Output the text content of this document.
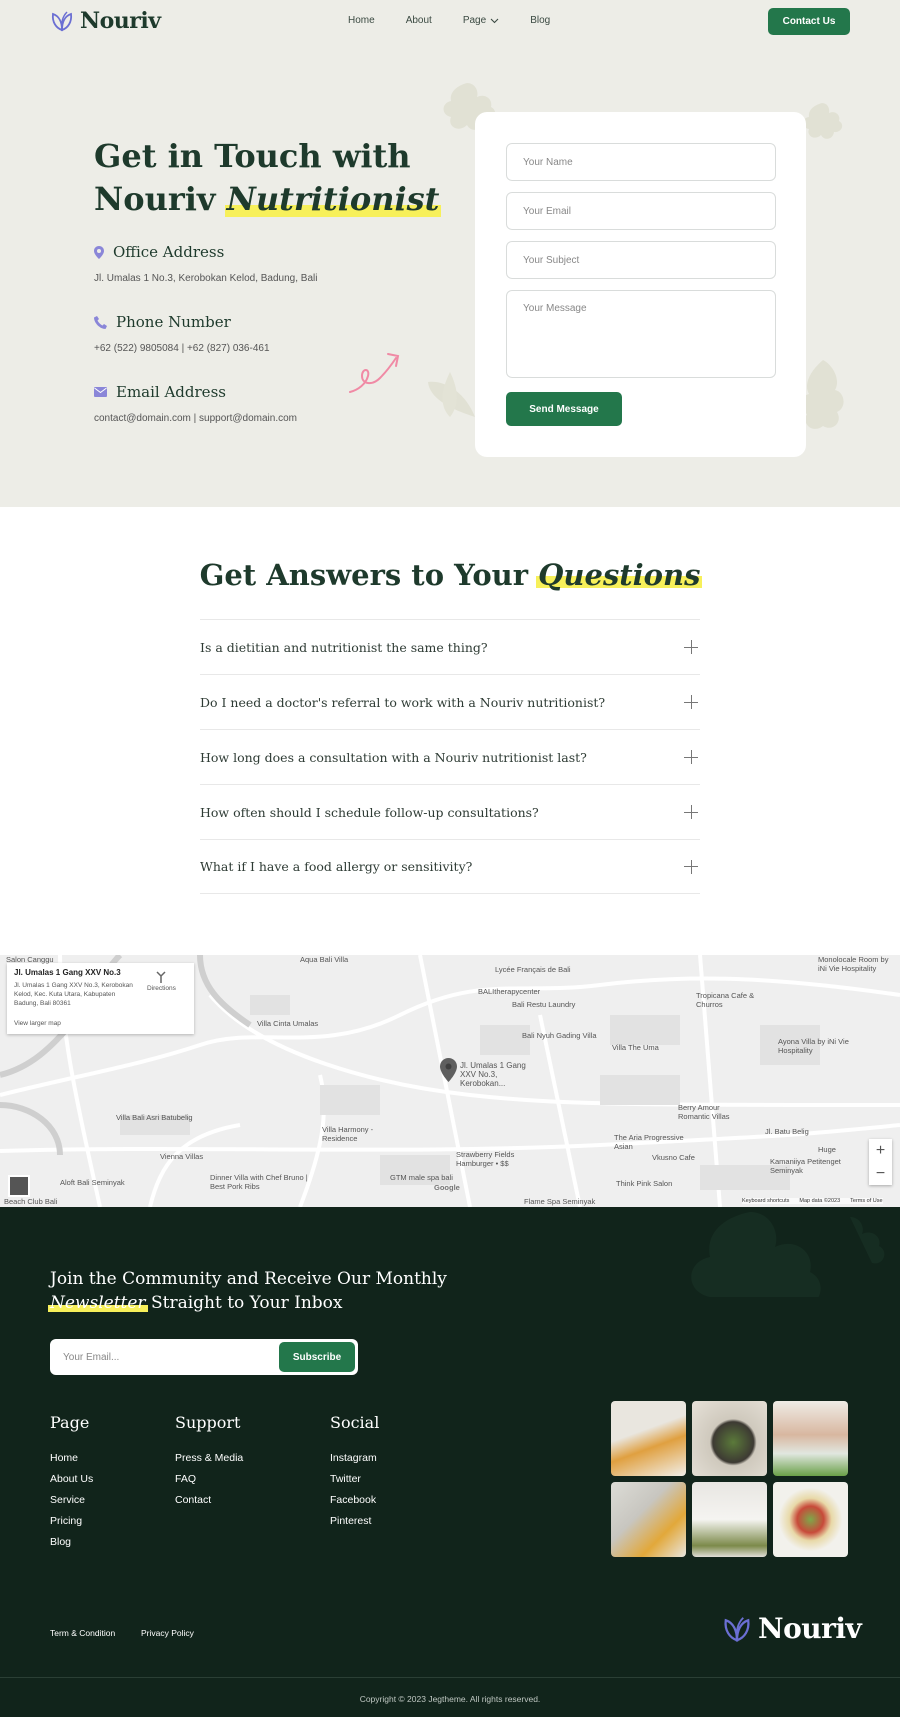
Nouriv	Home	About	Page	Blog	Contact Us
Get in Touch with
Nouriv Nutritionist
Office Address
Jl. Umalas 1 No.3, Kerobokan Kelod, Badung, Bali
Phone Number
+62 (522) 9805084 | +62 (827) 036-461
Email Address
contact@domain.com | support@domain.com
Your Name
Your Email
Your Subject
Your Message
Send Message
Get Answers to Your Questions
Is a dietitian and nutritionist the same thing?
Do I need a doctor's referral to work with a Nouriv nutritionist?
How long does a consultation with a Nouriv nutritionist last?
How often should I schedule follow-up consultations?
What if I have a food allergy or sensitivity?
Jl. Umalas 1 Gang XXV No.3
Jl. Umalas 1 Gang XXV No.3, Kerobokan Kelod, Kec. Kuta Utara, Kabupaten Badung, Bali 80361
Directions
View larger map
Jl. Umalas 1 Gang XXV No.3, Kerobokan...
Salon Canggu	Aqua Bali Villa
Lycée Français de Bali
Monolocale Room by iNi Vie Hospitality
BALItherapycenter
Bali Restu Laundry
Tropicana Cafe & Churros
Villa Cinta Umalas
Bali Nyuh Gading Villa
Villa The Uma
Ayona Villa by iNi Vie Hospitality
Villa Bali Asri Batubelig
Villa Harmony - Residence
Berry Amour Romantic Villas
Vienna Villas	Strawberry Fields Hamburger • $$
The Aria Progressive Asian
Vkusno Cafe	Kamaniiya Petitenget Seminyak
Aloft Bali Seminyak
Dinner Villa with Chef Bruno | Best Pork Ribs
GTM male spa bali
Think Pink Salon
Flame Spa Seminyak
Beach Club Bali
Jl. Batu Belig
Huge
Google
+
−
Keyboard shortcuts Map data ©2023 Terms of Use
Join the Community and Receive Our Monthly
Newsletter Straight to Your Inbox
Your Email...	Subscribe
Page
Home
About Us
Service
Pricing
Blog
Support
Press & Media
FAQ
Contact
Social
Instagram
Twitter
Facebook
Pinterest
Term & Condition	Privacy Policy	Nouriv
Copyright © 2023 Jegtheme. All rights reserved.
